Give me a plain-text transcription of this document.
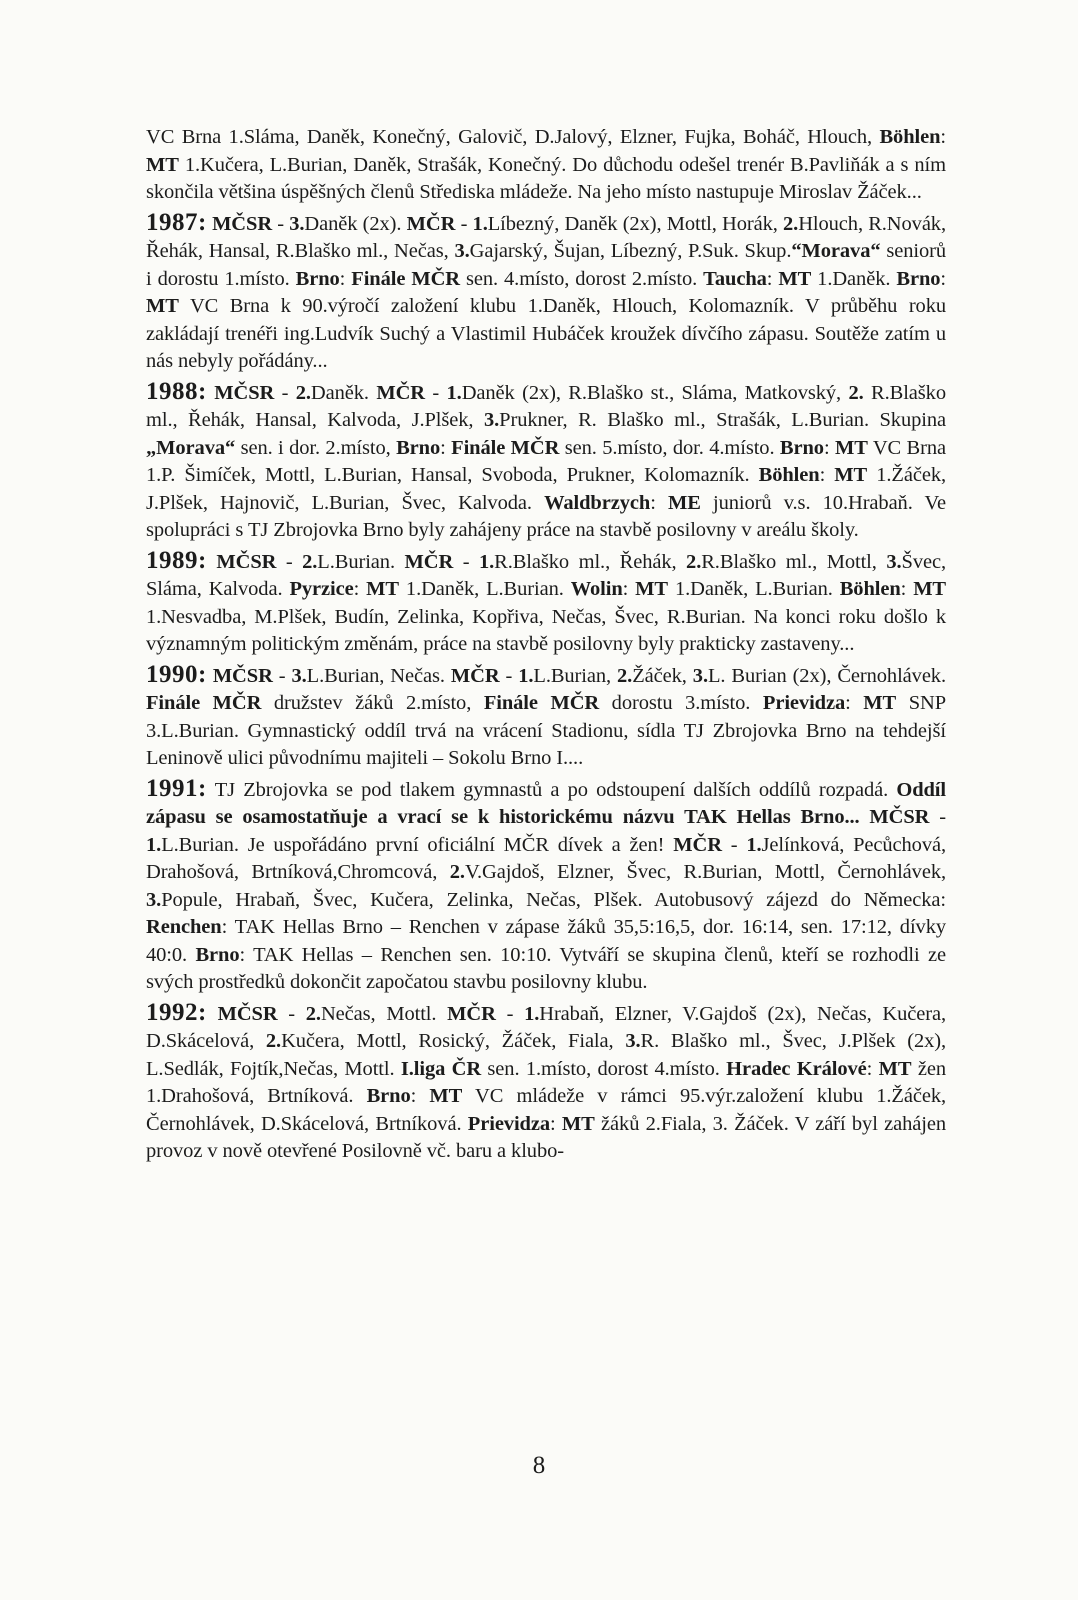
VC Brna 1.Sláma, Daněk, Konečný, Galovič, D.Jalový, Elzner, Fujka, Boháč, Hlouch, Böhlen: MT 1.Kučera, L.Burian, Daněk, Strašák, Konečný. Do důchodu odešel trenér B.Pavliňák a s ním skončila většina úspěšných členů Střediska mládeže. Na jeho místo nastupuje Miroslav Žáček...

1987: MČSR - 3.Daněk (2x). MČR - 1.Líbezný, Daněk (2x), Mottl, Horák, 2.Hlouch, R.Novák, Řehák, Hansal, R.Blaško ml., Nečas, 3.Gajarský, Šujan, Líbezný, P.Suk. Skup.“Morava“ seniorů i dorostu 1.místo. Brno: Finále MČR sen. 4.místo, dorost 2.místo. Taucha: MT 1.Daněk. Brno: MT VC Brna k 90.výročí založení klubu 1.Daněk, Hlouch, Kolomazník. V průběhu roku zakládají trenéři ing.Ludvík Suchý a Vlastimil Hubáček kroužek dívčího zápasu. Soutěže zatím u nás nebyly pořádány...

1988: MČSR - 2.Daněk. MČR - 1.Daněk (2x), R.Blaško st., Sláma, Matkovský, 2. R.Blaško ml., Řehák, Hansal, Kalvoda, J.Plšek, 3.Prukner, R. Blaško ml., Strašák, L.Burian. Skupina „Morava“ sen. i dor. 2.místo, Brno: Finále MČR sen. 5.místo, dor. 4.místo. Brno: MT VC Brna 1.P. Šimíček, Mottl, L.Burian, Hansal, Svoboda, Prukner, Kolomazník. Böhlen: MT 1.Žáček, J.Plšek, Hajnovič, L.Burian, Švec, Kalvoda. Waldbrzych: ME juniorů v.s. 10.Hrabaň. Ve spolupráci s TJ Zbrojovka Brno byly zahájeny práce na stavbě posilovny v areálu školy.

1989: MČSR - 2.L.Burian. MČR - 1.R.Blaško ml., Řehák, 2.R.Blaško ml., Mottl, 3.Švec, Sláma, Kalvoda. Pyrzice: MT 1.Daněk, L.Burian. Wolin: MT 1.Daněk, L.Burian. Böhlen: MT 1.Nesvadba, M.Plšek, Budín, Zelinka, Kopřiva, Nečas, Švec, R.Burian. Na konci roku došlo k významným politickým změnám, práce na stavbě posilovny byly prakticky zastaveny...

1990: MČSR - 3.L.Burian, Nečas. MČR - 1.L.Burian, 2.Žáček, 3.L. Burian (2x), Černohlávek. Finále MČR družstev žáků 2.místo, Finále MČR dorostu 3.místo. Prievidza: MT SNP 3.L.Burian. Gymnastický oddíl trvá na vrácení Stadionu, sídla TJ Zbrojovka Brno na tehdejší Leninově ulici původnímu majiteli – Sokolu Brno I....

1991: TJ Zbrojovka se pod tlakem gymnastů a po odstoupení dalších oddílů rozpadá. Oddíl zápasu se osamostatňuje a vrací se k historickému názvu TAK Hellas Brno... MČSR - 1.L.Burian. Je uspořádáno první oficiální MČR dívek a žen! MČR - 1.Jelínková, Pecůchová, Drahošová, Brtníková,Chromcová, 2.V.Gajdoš, Elzner, Švec, R.Burian, Mottl, Černohlávek, 3.Popule, Hrabaň, Švec, Kučera, Zelinka, Nečas, Plšek. Autobusový zájezd do Německa: Renchen: TAK Hellas Brno – Renchen v zápase žáků 35,5:16,5, dor. 16:14, sen. 17:12, dívky 40:0. Brno: TAK Hellas – Renchen sen. 10:10. Vytváří se skupina členů, kteří se rozhodli ze svých prostředků dokončit započatou stavbu posilovny klubu.

1992: MČSR - 2.Nečas, Mottl. MČR - 1.Hrabaň, Elzner, V.Gajdoš (2x), Nečas, Kučera, D.Skácelová, 2.Kučera, Mottl, Rosický, Žáček, Fiala, 3.R. Blaško ml., Švec, J.Plšek (2x), L.Sedlák, Fojtík,Nečas, Mottl. I.liga ČR sen. 1.místo, dorost 4.místo. Hradec Králové: MT žen 1.Drahošová, Brtníková. Brno: MT VC mládeže v rámci 95.výr.založení klubu 1.Žáček, Černohlávek, D.Skácelová, Brtníková. Prievidza: MT žáků 2.Fiala, 3. Žáček. V září byl zahájen provoz v nově otevřené Posilovně vč. baru a klubo-

8
